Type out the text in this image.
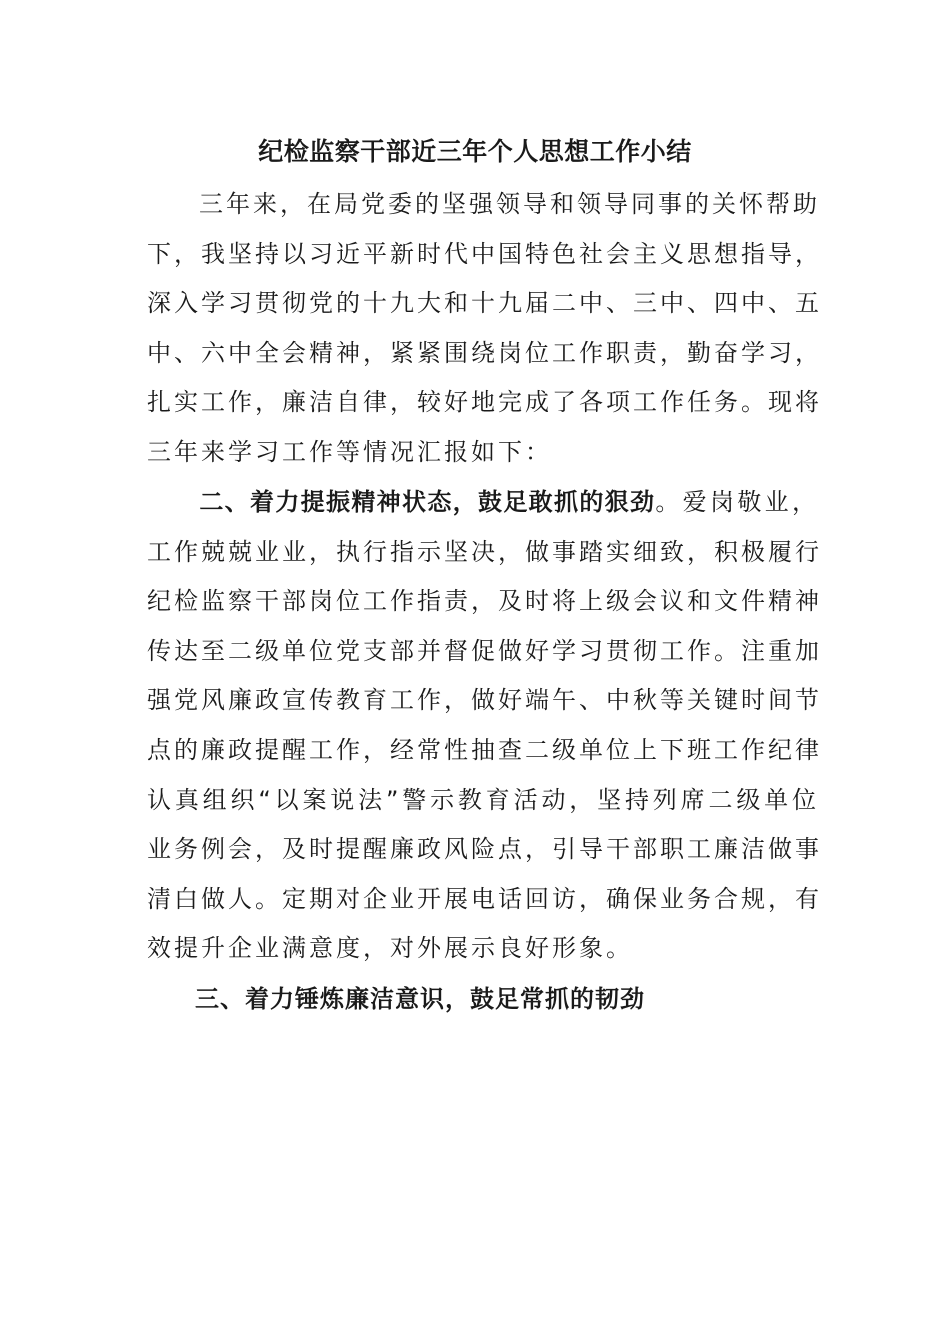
纪检监察干部近三年个人思想工作小结
三年来，在局党委的坚强领导和领导同事的关怀帮助
下，我坚持以习近平新时代中国特色社会主义思想指导，
深入学习贯彻党的十九大和十九届二中、三中、四中、五
中、六中全会精神，紧紧围绕岗位工作职责，勤奋学习，
扎实工作，廉洁自律，较好地完成了各项工作任务。现将
三年来学习工作等情况汇报如下：
二、着力提振精神状态，鼓足敢抓的狠劲。爱岗敬业，
工作兢兢业业，执行指示坚决，做事踏实细致，积极履行
纪检监察干部岗位工作指责，及时将上级会议和文件精神
传达至二级单位党支部并督促做好学习贯彻工作。注重加
强党风廉政宣传教育工作，做好端午、中秋等关键时间节
点的廉政提醒工作，经常性抽查二级单位上下班工作纪律
认真组织“以案说法”警示教育活动，坚持列席二级单位
业务例会，及时提醒廉政风险点，引导干部职工廉洁做事
清白做人。定期对企业开展电话回访，确保业务合规，有
效提升企业满意度，对外展示良好形象。
三、着力锤炼廉洁意识，鼓足常抓的韧劲
